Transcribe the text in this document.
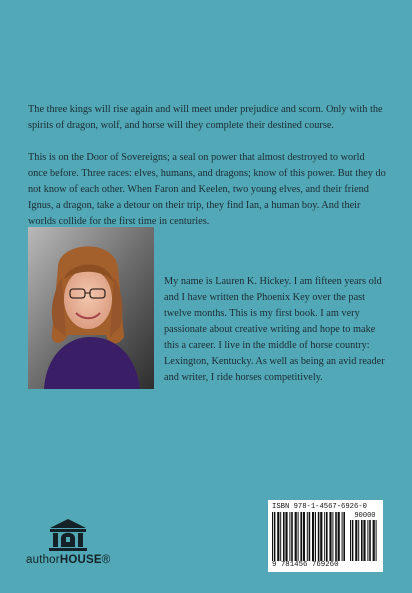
The three kings will rise again and will meet under prejudice and scorn. Only with the spirits of dragon, wolf, and horse will they complete their destined course.

This is on the Door of Sovereigns; a seal on power that almost destroyed to world once before. Three races: elves, humans, and dragons; know of this power. But they do not know of each other. When Faron and Keelen, two young elves, and their friend Ignus, a dragon, take a detour on their trip, they find Ian, a human boy. And their worlds collide for the first time in centuries.

My name is Lauren K. Hickey. I am fifteen years old and I have written the Phoenix Key over the past twelve months. This is my first book. I am very passionate about creative writing and hope to make this a career. I live in the middle of horse country: Lexington, Kentucky. As well as being an avid reader and writer, I ride horses competitively.

authorHOUSE®
ISBN 978-1-4567-6926-0
90000
9 781456 769260
